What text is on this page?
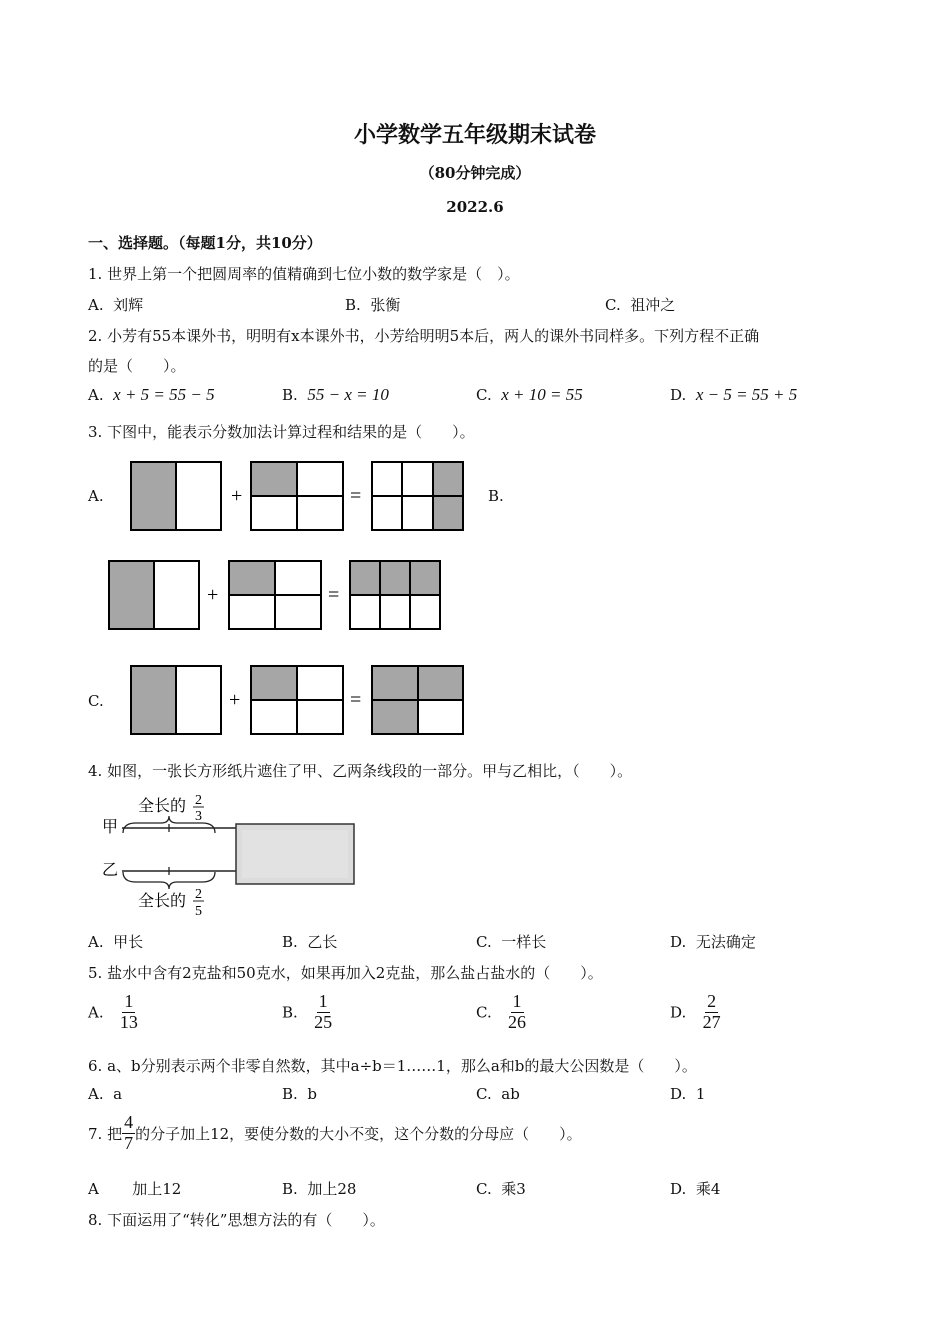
小学数学五年级期末试卷
（80分钟完成）
2022.6
一、选择题。（每题1分，共10分）
1. 世界上第一个把圆周率的值精确到七位小数的数学家是（　）。
A. 刘辉	B. 张衡	C. 祖冲之
2. 小芳有55本课外书，明明有x本课外书，小芳给明明5本后，两人的课外书同样多。下列方程不正确
的是（　　）。
A. x + 5 = 55 − 5	B. 55 − x = 10	C. x + 10 = 55	D. x − 5 = 55 + 5
3. 下图中，能表示分数加法计算过程和结果的是（　　）。
A.	+	=	B.
+	=
C.	+	=
4. 如图，一张长方形纸片遮住了甲、乙两条线段的一部分。甲与乙相比，（　　）。
全长的 2
3
甲
乙
全长的 2
5
A. 甲长	B. 乙长	C. 一样长	D. 无法确定
5. 盐水中含有2克盐和50克水，如果再加入2克盐，那么盐占盐水的（　　）。
A. $\frac{1}{13}$	B. $\frac{1}{25}$	C. $\frac{1}{26}$	D. $\frac{2}{27}$
6. a、b分别表示两个非零自然数，其中a÷b＝1……1，那么a和b的最大公因数是（　　）。
A. a	B. b	C. ab	D. 1
7. 把 $\frac{4}{7}$ 的分子加上12，要使分数的大小不变，这个分数的分母应（　　）。
A 加上12	B. 加上28	C. 乘3	D. 乘4
8. 下面运用了“转化”思想方法的有（　　）。
